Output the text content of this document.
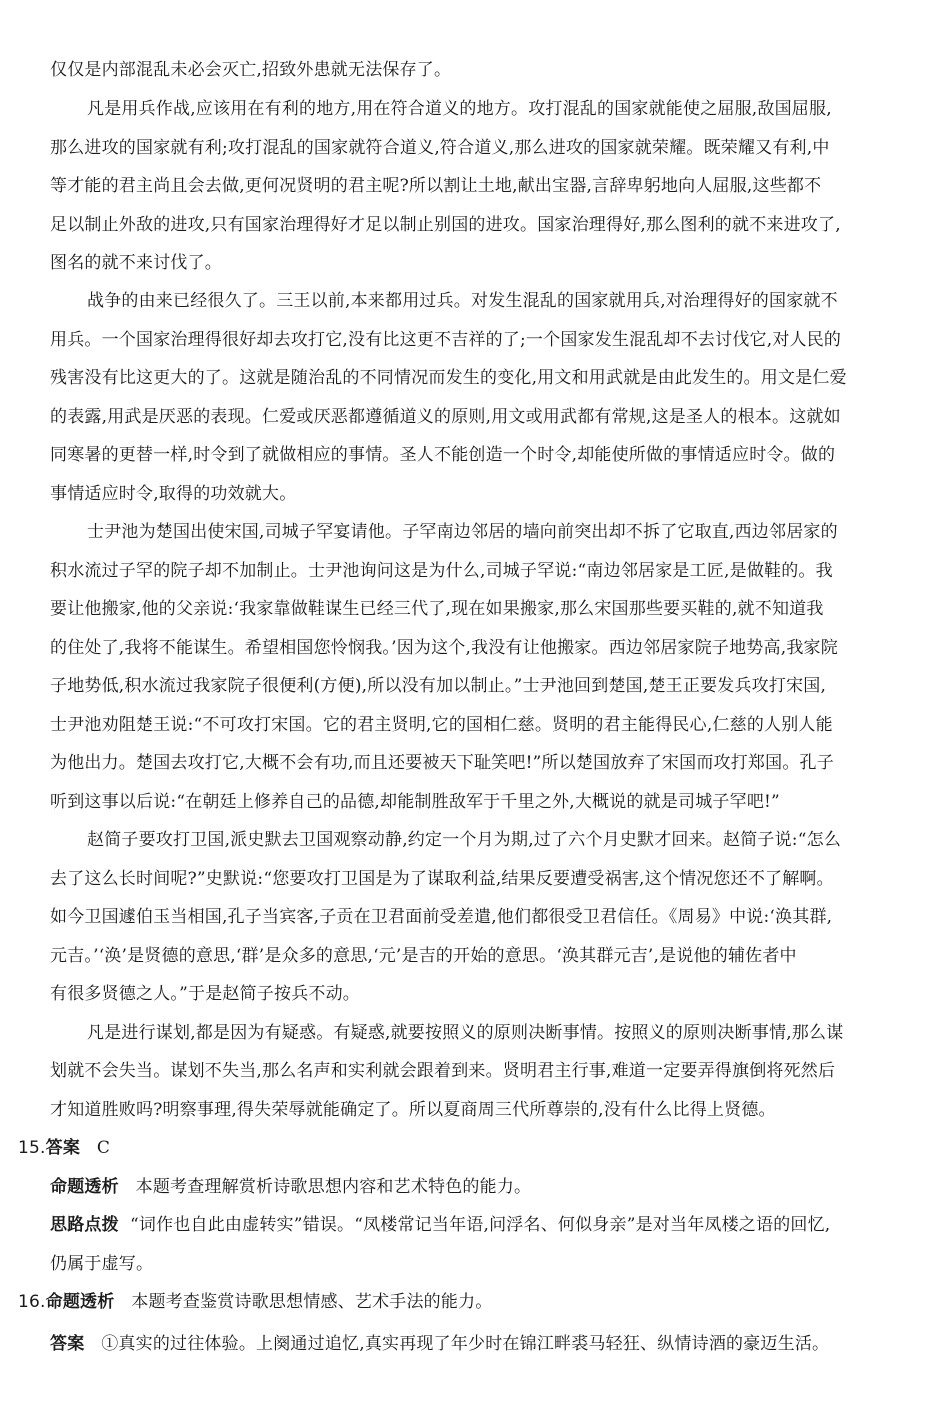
仅仅是内部混乱未必会灭亡,招致外患就无法保存了。
凡是用兵作战,应该用在有利的地方,用在符合道义的地方。攻打混乱的国家就能使之屈服,敌国屈服,
那么进攻的国家就有利;攻打混乱的国家就符合道义,符合道义,那么进攻的国家就荣耀。既荣耀又有利,中
等才能的君主尚且会去做,更何况贤明的君主呢?所以割让土地,献出宝器,言辞卑躬地向人屈服,这些都不
足以制止外敌的进攻,只有国家治理得好才足以制止别国的进攻。国家治理得好,那么图利的就不来进攻了,
图名的就不来讨伐了。
战争的由来已经很久了。三王以前,本来都用过兵。对发生混乱的国家就用兵,对治理得好的国家就不
用兵。一个国家治理得很好却去攻打它,没有比这更不吉祥的了;一个国家发生混乱却不去讨伐它,对人民的
残害没有比这更大的了。这就是随治乱的不同情况而发生的变化,用文和用武就是由此发生的。用文是仁爱
的表露,用武是厌恶的表现。仁爱或厌恶都遵循道义的原则,用文或用武都有常规,这是圣人的根本。这就如
同寒暑的更替一样,时令到了就做相应的事情。圣人不能创造一个时令,却能使所做的事情适应时令。做的
事情适应时令,取得的功效就大。
士尹池为楚国出使宋国,司城子罕宴请他。子罕南边邻居的墙向前突出却不拆了它取直,西边邻居家的
积水流过子罕的院子却不加制止。士尹池询问这是为什么,司城子罕说:“南边邻居家是工匠,是做鞋的。我
要让他搬家,他的父亲说:‘我家靠做鞋谋生已经三代了,现在如果搬家,那么宋国那些要买鞋的,就不知道我
的住处了,我将不能谋生。希望相国您怜悯我。’因为这个,我没有让他搬家。西边邻居家院子地势高,我家院
子地势低,积水流过我家院子很便利(方便),所以没有加以制止。”士尹池回到楚国,楚王正要发兵攻打宋国,
士尹池劝阻楚王说:“不可攻打宋国。它的君主贤明,它的国相仁慈。贤明的君主能得民心,仁慈的人别人能
为他出力。楚国去攻打它,大概不会有功,而且还要被天下耻笑吧!”所以楚国放弃了宋国而攻打郑国。孔子
听到这事以后说:“在朝廷上修养自己的品德,却能制胜敌军于千里之外,大概说的就是司城子罕吧!”
赵简子要攻打卫国,派史默去卫国观察动静,约定一个月为期,过了六个月史默才回来。赵简子说:“怎么
去了这么长时间呢?”史默说:“您要攻打卫国是为了谋取利益,结果反要遭受祸害,这个情况您还不了解啊。
如今卫国遽伯玉当相国,孔子当宾客,子贡在卫君面前受差遣,他们都很受卫君信任。《周易》中说:‘涣其群,
元吉。’‘涣’是贤德的意思,‘群’是众多的意思,‘元’是吉的开始的意思。‘涣其群元吉’,是说他的辅佐者中
有很多贤德之人。”于是赵简子按兵不动。
凡是进行谋划,都是因为有疑惑。有疑惑,就要按照义的原则决断事情。按照义的原则决断事情,那么谋
划就不会失当。谋划不失当,那么名声和实利就会跟着到来。贤明君主行事,难道一定要弄得旗倒将死然后
才知道胜败吗?明察事理,得失荣辱就能确定了。所以夏商周三代所尊崇的,没有什么比得上贤德。
15.答案 C
命题透析 本题考查理解赏析诗歌思想内容和艺术特色的能力。
思路点拨 “词作也自此由虚转实”错误。“凤楼常记当年语,问浮名、何似身亲”是对当年凤楼之语的回忆,
仍属于虚写。
16.命题透析 本题考查鉴赏诗歌思想情感、艺术手法的能力。
答案 ①真实的过往体验。上阕通过追忆,真实再现了年少时在锦江畔裘马轻狂、纵情诗酒的豪迈生活。
